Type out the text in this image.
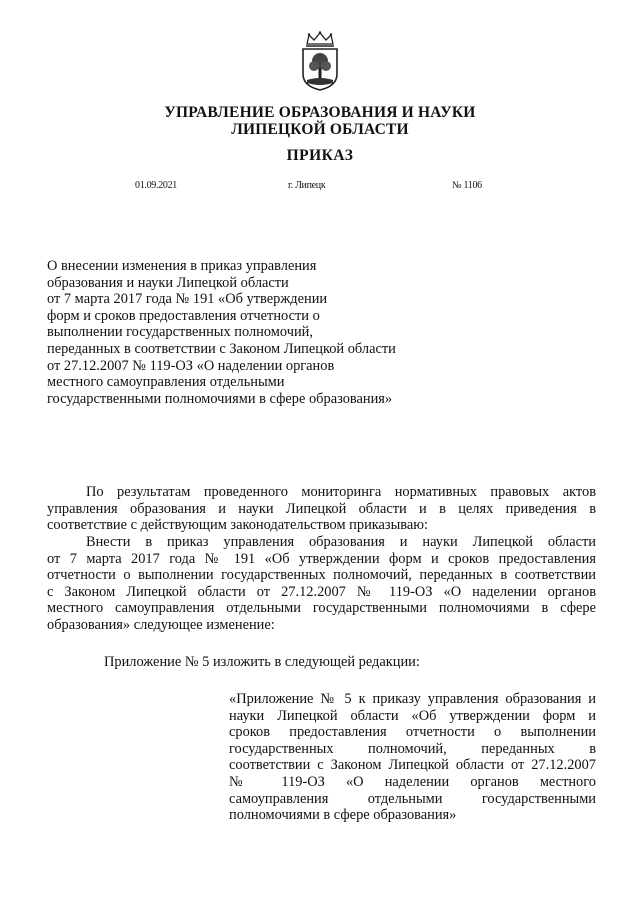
УПРАВЛЕНИЕ ОБРАЗОВАНИЯ И НАУКИ
ЛИПЕЦКОЙ ОБЛАСТИ
ПРИКАЗ
01.09.2021	г. Липецк	№ 1106
О внесении изменения в приказ управления
образования и науки Липецкой области
от 7 марта 2017 года № 191 «Об утверждении
форм и сроков предоставления отчетности о
выполнении государственных полномочий,
переданных в соответствии с Законом Липецкой области
от 27.12.2007 № 119-ОЗ «О наделении органов
местного самоуправления отдельными
государственными полномочиями в сфере образования»
По результатам проведенного мониторинга нормативных правовых актов
управления образования и науки Липецкой области и в целях приведения в
соответствие с действующим законодательством приказываю:
Внести в приказ управления образования и науки Липецкой области
от 7 марта 2017 года № 191 «Об утверждении форм и сроков предоставления
отчетности о выполнении государственных полномочий, переданных в соответствии
с Законом Липецкой области от 27.12.2007 № 119-ОЗ «О наделении органов
местного самоуправления отдельными государственными полномочиями в сфере
образования» следующее изменение:
Приложение № 5 изложить в следующей редакции:
«Приложение № 5 к приказу управления образования и
науки Липецкой области «Об утверждении форм и
сроков предоставления отчетности о выполнении
государственных полномочий, переданных в
соответствии с Законом Липецкой области от 27.12.2007
№ 119-ОЗ «О наделении органов местного
самоуправления отдельными государственными
полномочиями в сфере образования»
